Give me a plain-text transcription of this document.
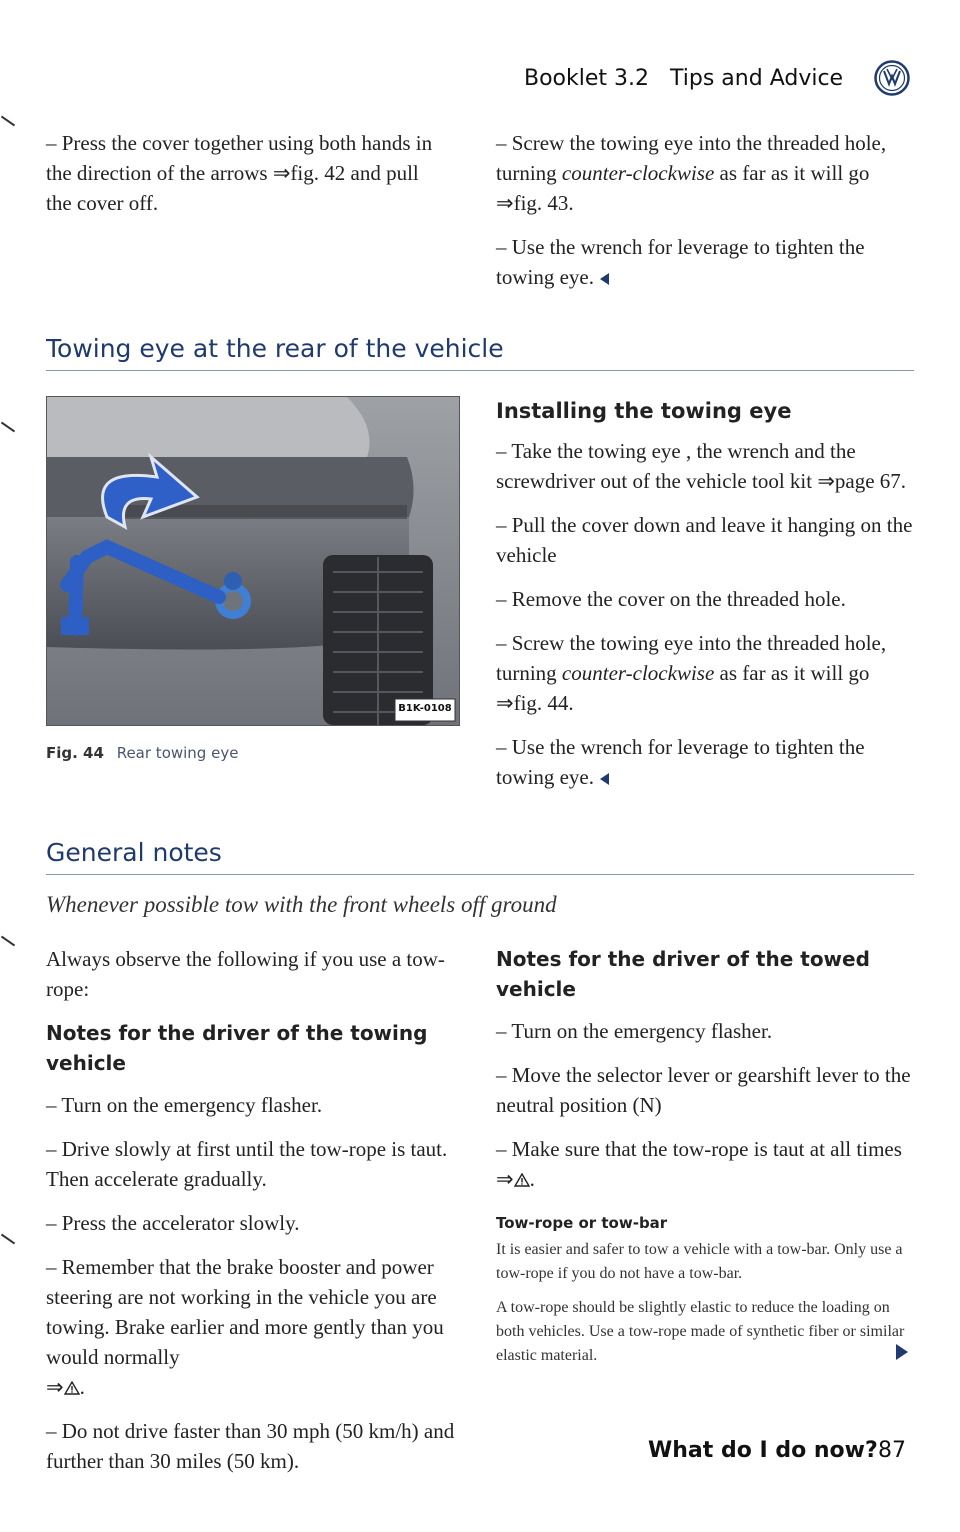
Booklet 3.2 Tips and Advice
– Press the cover together using both hands in the direction of the arrows ⇒fig. 42 and pull the cover off.

– Screw the towing eye into the threaded hole, turning counter-clockwise as far as it will go ⇒fig. 43.

– Use the wrench for leverage to tighten the towing eye.

Towing eye at the rear of the vehicle
B1K-0108
Fig. 44 Rear towing eye
Installing the towing eye

– Take the towing eye , the wrench and the screwdriver out of the vehicle tool kit ⇒page 67.

– Pull the cover down and leave it hanging on the vehicle

– Remove the cover on the threaded hole.

– Screw the towing eye into the threaded hole, turning counter-clockwise as far as it will go ⇒fig. 44.

– Use the wrench for leverage to tighten the towing eye.

General notes
Whenever possible tow with the front wheels off ground

Always observe the following if you use a tow-rope:

Notes for the driver of the towing vehicle

– Turn on the emergency flasher.

– Drive slowly at first until the tow-rope is taut. Then accelerate gradually.

– Press the accelerator slowly.

– Remember that the brake booster and power steering are not working in the vehicle you are towing. Brake earlier and more gently than you would normally
⇒ .

– Do not drive faster than 30 mph (50 km/h) and further than 30 miles (50 km).

Notes for the driver of the towed vehicle

– Turn on the emergency flasher.

– Move the selector lever or gearshift lever to the neutral position (N)

– Make sure that the tow-rope is taut at all times ⇒ .

Tow-rope or tow-bar

It is easier and safer to tow a vehicle with a tow-bar. Only use a tow-rope if you do not have a tow-bar.

A tow-rope should be slightly elastic to reduce the loading on both vehicles. Use a tow-rope made of synthetic fiber or similar elastic material.

What do I do now? 87
